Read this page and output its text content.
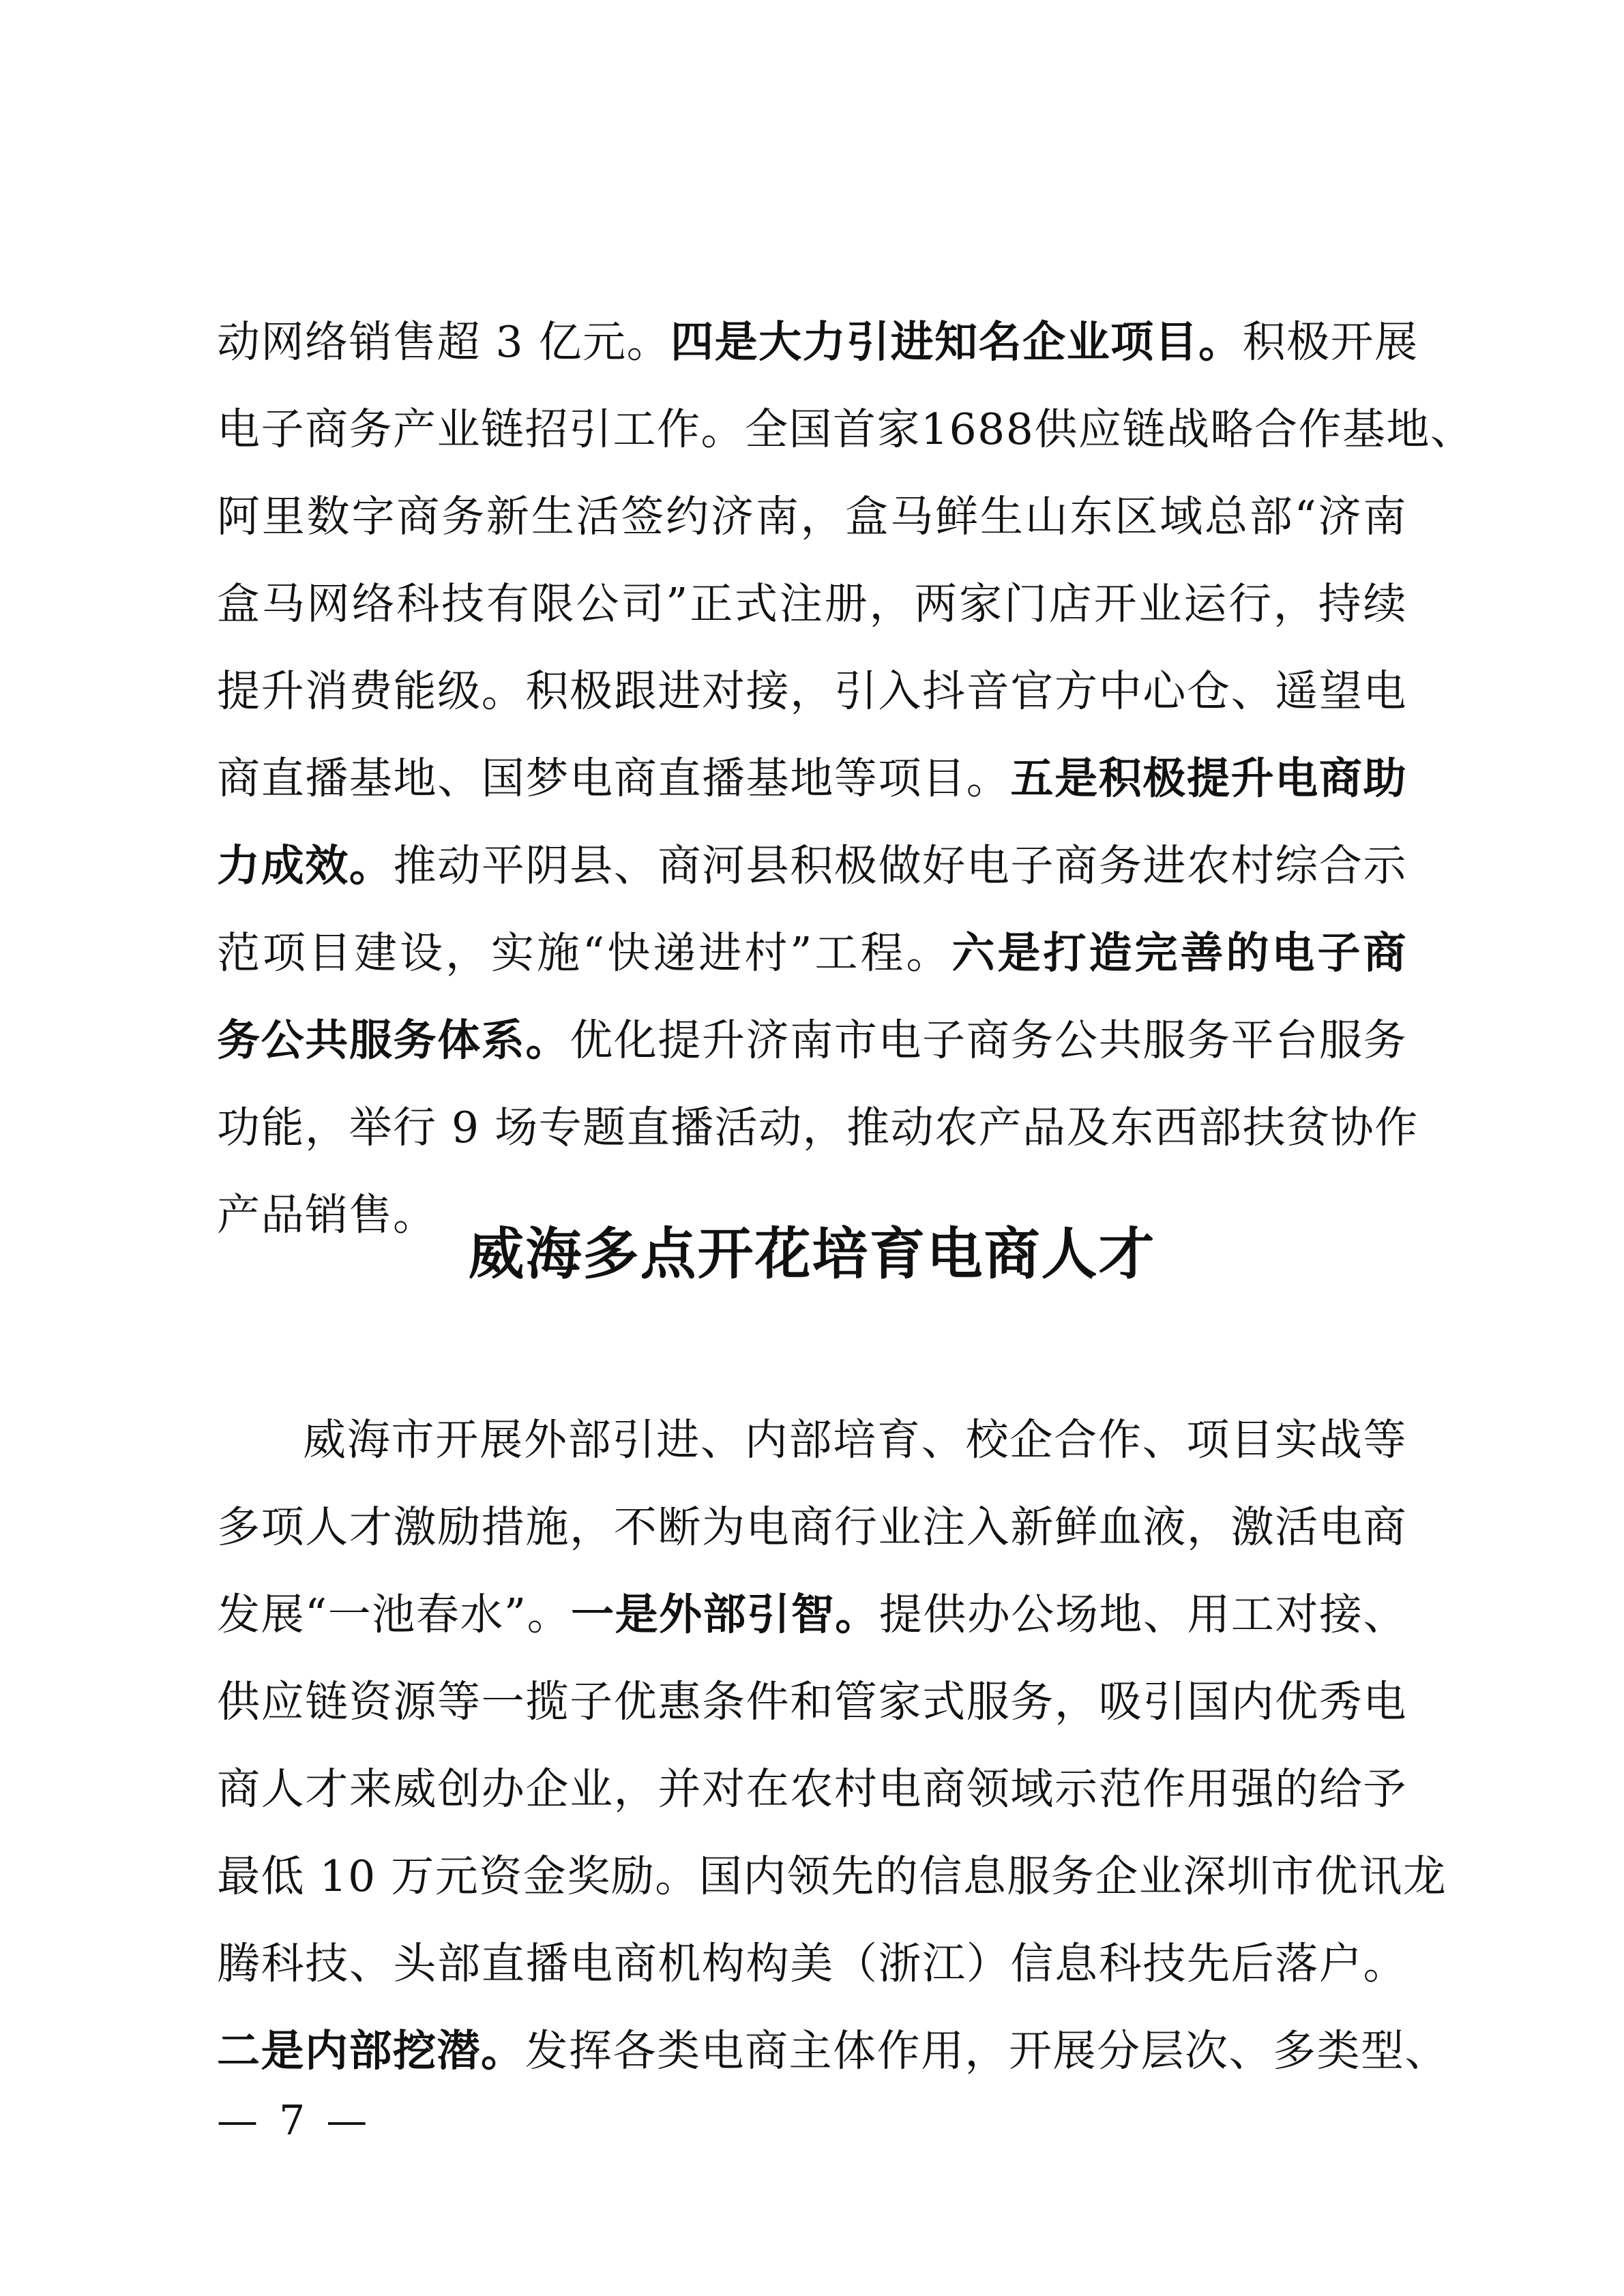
动网络销售超 3 亿元。四是大力引进知名企业项目。积极开展
电子商务产业链招引工作。全国首家1688供应链战略合作基地、
阿里数字商务新生活签约济南，盒马鲜生山东区域总部“济南
盒马网络科技有限公司”正式注册，两家门店开业运行，持续
提升消费能级。积极跟进对接，引入抖音官方中心仓、遥望电
商直播基地、国梦电商直播基地等项目。五是积极提升电商助
力成效。推动平阴县、商河县积极做好电子商务进农村综合示
范项目建设，实施“快递进村”工程。六是打造完善的电子商
务公共服务体系。优化提升济南市电子商务公共服务平台服务
功能，举行 9 场专题直播活动，推动农产品及东西部扶贫协作
产品销售。
威海多点开花培育电商人才
威海市开展外部引进、内部培育、校企合作、项目实战等
多项人才激励措施，不断为电商行业注入新鲜血液，激活电商
发展“一池春水”。一是外部引智。提供办公场地、用工对接、
供应链资源等一揽子优惠条件和管家式服务，吸引国内优秀电
商人才来威创办企业，并对在农村电商领域示范作用强的给予
最低 10 万元资金奖励。国内领先的信息服务企业深圳市优讯龙
腾科技、头部直播电商机构构美（浙江）信息科技先后落户。
二是内部挖潜。发挥各类电商主体作用，开展分层次、多类型、
— 7 —
